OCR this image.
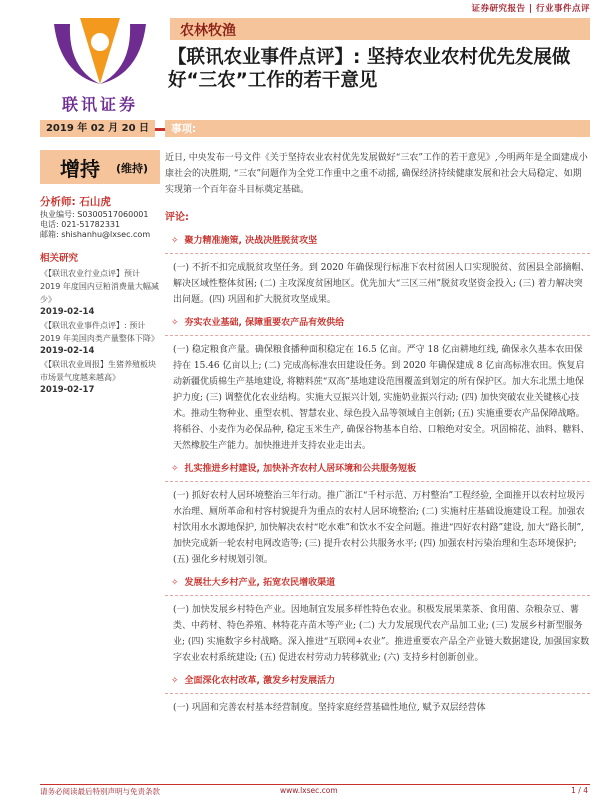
证券研究报告 | 行业事件点评
联讯证券
农林牧渔
【联讯农业事件点评】: 坚持农业农村优先发展做好“三农”工作的若干意见
2019 年 02 月 20 日	事项:
增持 (维持)
分析师: 石山虎
执业编号: S0300517060001
电话: 021-51782331
邮箱: shishanhu@lxsec.com
相关研究
《【联讯农业行业点评】预计 2019 年度国内豆粕消费量大幅减少》
2019-02-14
《【联讯农业事件点评】: 预计 2019 年美国肉类产量整体下降》
2019-02-14
《【联讯农业周报】生猪养殖板块市场景气度越来越高》
2019-02-17

近日, 中央发布一号文件《关于坚持农业农村优先发展做好“三农”工作的若干意见》,今明两年是全面建成小康社会的决胜期, “三农”问题作为全党工作重中之重不动摇, 确保经济持续健康发展和社会大局稳定、如期实现第一个百年奋斗目标奠定基础。

评论:
✧ 聚力精准施策, 决战决胜脱贫攻坚

(一) 不折不扣完成脱贫攻坚任务。到 2020 年确保现行标准下农村贫困人口实现脱贫、贫困县全部摘帽、解决区域性整体贫困; (二) 主攻深度贫困地区。优先加大“三区三州”脱贫攻坚资金投入; (三) 着力解决突出问题。(四) 巩固和扩大脱贫攻坚成果。

✧ 夯实农业基础, 保障重要农产品有效供给

(一) 稳定粮食产量。确保粮食播种面积稳定在 16.5 亿亩。严守 18 亿亩耕地红线, 确保永久基本农田保持在 15.46 亿亩以上; (二) 完成高标准农田建设任务。到 2020 年确保建成 8 亿亩高标准农田。恢复启动新疆优质棉生产基地建设, 将糖料蔗“双高”基地建设范围覆盖到划定的所有保护区。加大东北黑土地保护力度; (三) 调整优化农业结构。实施大豆振兴计划, 实施奶业振兴行动; (四) 加快突破农业关键核心技术。推动生物种业、重型农机、智慧农业、绿色投入品等领域自主创新; (五) 实施重要农产品保障战略。将稻谷、小麦作为必保品种, 稳定玉米生产, 确保谷物基本自给、口粮绝对安全。巩固棉花、油料、糖料、天然橡胶生产能力。加快推进并支持农业走出去。

✧ 扎实推进乡村建设, 加快补齐农村人居环境和公共服务短板

(一) 抓好农村人居环境整治三年行动。推广浙江“千村示范、万村整治”工程经验, 全面推开以农村垃圾污水治理、厕所革命和村容村貌提升为重点的农村人居环境整治; (二) 实施村庄基础设施建设工程。加强农村饮用水水源地保护, 加快解决农村“吃水难”和饮水不安全问题。推进“四好农村路”建设, 加大“路长制”, 加快完成新一轮农村电网改造等; (三) 提升农村公共服务水平; (四) 加强农村污染治理和生态环境保护; (五) 强化乡村规划引领。

✧ 发展壮大乡村产业, 拓宽农民增收渠道

(一) 加快发展乡村特色产业。因地制宜发展多样性特色农业。积极发展果菜茶、食用菌、杂粮杂豆、薯类、中药材、特色养殖、林特花卉苗木等产业; (二) 大力发展现代农产品加工业; (三) 发展乡村新型服务业; (四) 实施数字乡村战略。深入推进“互联网+农业”。推进重要农产品全产业链大数据建设, 加强国家数字农业农村系统建设; (五) 促进农村劳动力转移就业; (六) 支持乡村创新创业。

✧ 全面深化农村改革, 激发乡村发展活力

(一) 巩固和完善农村基本经营制度。坚持家庭经营基础性地位, 赋予双层经营体

请务必阅读最后特别声明与免责条款	www.lxsec.com	1 / 4
